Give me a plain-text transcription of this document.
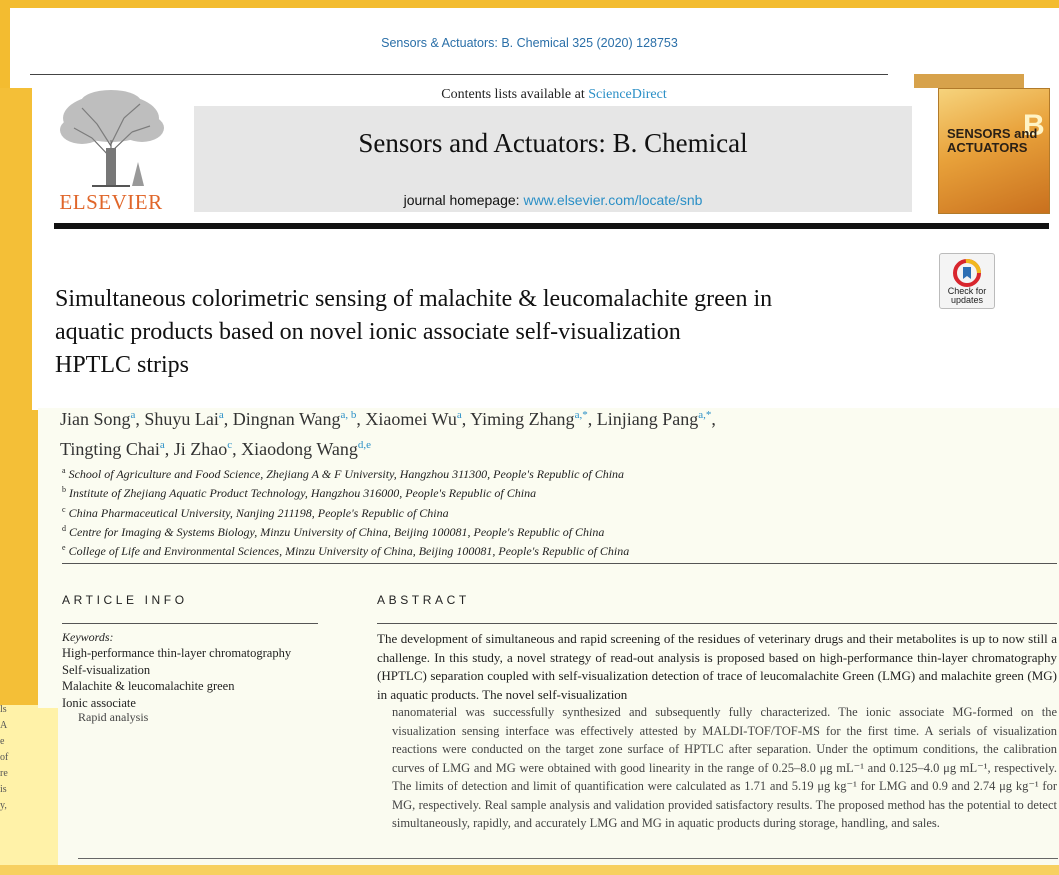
Sensors & Actuators: B. Chemical 325 (2020) 128753
Contents lists available at ScienceDirect
Sensors and Actuators: B. Chemical
journal homepage: www.elsevier.com/locate/snb
ELSEVIER
B
SENSORS and
ACTUATORS
Check for updates
Simultaneous colorimetric sensing of malachite & leucomalachite green in
aquatic products based on novel ionic associate self-visualization
HPTLC strips
Jian Song$^a$, Shuyu Lai$^a$, Dingnan Wang$^{a, b}$, Xiaomei Wu$^a$, Yiming Zhang$^{a,*}$, Linjiang Pang$^{a,*}$,
Tingting Chai$^a$, Ji Zhao$^c$, Xiaodong Wang$^{d,e}$
$^a$ School of Agriculture and Food Science, Zhejiang A & F University, Hangzhou 311300, People's Republic of China
$^b$ Institute of Zhejiang Aquatic Product Technology, Hangzhou 316000, People's Republic of China
$^c$ China Pharmaceutical University, Nanjing 211198, People's Republic of China
$^d$ Centre for Imaging & Systems Biology, Minzu University of China, Beijing 100081, People's Republic of China
$^e$ College of Life and Environmental Sciences, Minzu University of China, Beijing 100081, People's Republic of China
ARTICLE INFO	ABSTRACT
Keywords:
High-performance thin-layer chromatography
Self-visualization
Malachite & leucomalachite green
Ionic associate
Rapid analysis
The development of simultaneous and rapid screening of the residues of veterinary drugs and their metabolites is up to now still a challenge. In this study, a novel strategy of read-out analysis is proposed based on high-performance thin-layer chromatography (HPTLC) separation coupled with self-visualization detection of trace of leucomalachite Green (LMG) and malachite green (MG) in aquatic products. The novel self-visualization
nanomaterial was successfully synthesized and subsequently fully characterized. The ionic associate MG-formed on the visualization sensing interface was effectively attested by MALDI-TOF/TOF-MS for the first time. A serials of visualization reactions were conducted on the target zone surface of HPTLC after separation. Under the optimum conditions, the calibration curves of LMG and MG were obtained with good linearity in the range of 0.25–8.0 μg mL⁻¹ and 0.125–4.0 μg mL⁻¹, respectively. The limits of detection and limit of quantification were calculated as 1.71 and 5.19 μg kg⁻¹ for LMG and 0.9 and 2.74 μg kg⁻¹ for MG, respectively. Real sample analysis and validation provided satisfactory results. The proposed method has the potential to detect simultaneously, rapidly, and accurately LMG and MG in aquatic products during storage, handling, and sales.
ls
A
e
of
re
is
y,
